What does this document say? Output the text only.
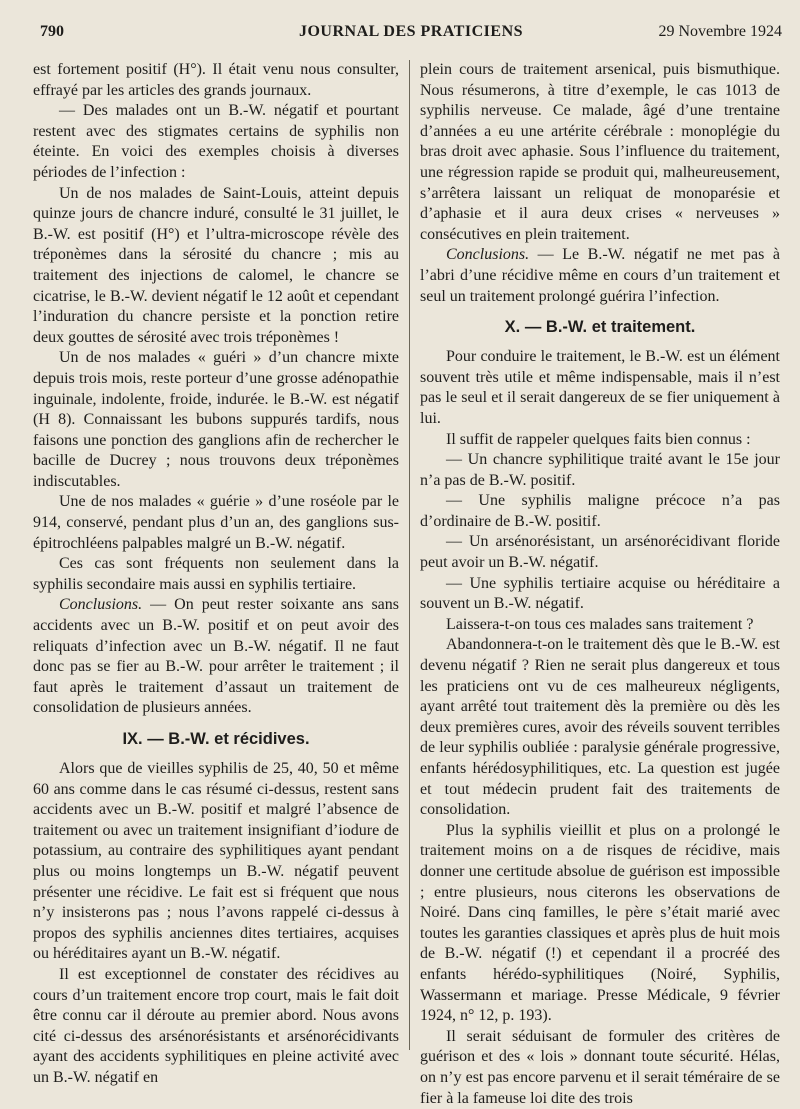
790	JOURNAL DES PRATICIENS	29 Novembre 1924

est fortement positif (H°). Il était venu nous consulter, effrayé par les articles des grands journaux.

— Des malades ont un B.-W. négatif et pourtant restent avec des stigmates certains de syphilis non éteinte. En voici des exemples choisis à diverses périodes de l’infection :

Un de nos malades de Saint-Louis, atteint depuis quinze jours de chancre induré, consulté le 31 juillet, le B.-W. est positif (H°) et l’ultra-microscope révèle des tréponèmes dans la sérosité du chancre ; mis au traitement des injections de calomel, le chancre se cicatrise, le B.-W. devient négatif le 12 août et cependant l’induration du chancre persiste et la ponction retire deux gouttes de sérosité avec trois tréponèmes !

Un de nos malades « guéri » d’un chancre mixte depuis trois mois, reste porteur d’une grosse adénopathie inguinale, indolente, froide, indurée. le B.-W. est négatif (H 8). Connaissant les bubons suppurés tardifs, nous faisons une ponction des ganglions afin de rechercher le bacille de Ducrey ; nous trouvons deux tréponèmes indiscutables.

Une de nos malades « guérie » d’une roséole par le 914, conservé, pendant plus d’un an, des ganglions sus-épitrochléens palpables malgré un B.-W. négatif.

Ces cas sont fréquents non seulement dans la syphilis secondaire mais aussi en syphilis tertiaire.

Conclusions. — On peut rester soixante ans sans accidents avec un B.-W. positif et on peut avoir des reliquats d’infection avec un B.-W. négatif. Il ne faut donc pas se fier au B.-W. pour arrêter le traitement ; il faut après le traitement d’assaut un traitement de consolidation de plusieurs années.

IX. — B.-W. et récidives.

Alors que de vieilles syphilis de 25, 40, 50 et même 60 ans comme dans le cas résumé ci-dessus, restent sans accidents avec un B.-W. positif et malgré l’absence de traitement ou avec un traitement insignifiant d’iodure de potassium, au contraire des syphilitiques ayant pendant plus ou moins longtemps un B.-W. négatif peuvent présenter une récidive. Le fait est si fréquent que nous n’y insisterons pas ; nous l’avons rappelé ci-dessus à propos des syphilis anciennes dites tertiaires, acquises ou héréditaires ayant un B.-W. négatif.

Il est exceptionnel de constater des récidives au cours d’un traitement encore trop court, mais le fait doit être connu car il déroute au premier abord. Nous avons cité ci-dessus des arsénorésistants et arsénorécidivants ayant des accidents syphilitiques en pleine activité avec un B.-W. négatif en

plein cours de traitement arsenical, puis bismuthique. Nous résumerons, à titre d’exemple, le cas 1013 de syphilis nerveuse. Ce malade, âgé d’une trentaine d’années a eu une artérite cérébrale : monoplégie du bras droit avec aphasie. Sous l’influence du traitement, une régression rapide se produit qui, malheureusement, s’arrêtera laissant un reliquat de monoparésie et d’aphasie et il aura deux crises « nerveuses » consécutives en plein traitement.

Conclusions. — Le B.-W. négatif ne met pas à l’abri d’une récidive même en cours d’un traitement et seul un traitement prolongé guérira l’infection.

X. — B.-W. et traitement.

Pour conduire le traitement, le B.-W. est un élément souvent très utile et même indispensable, mais il n’est pas le seul et il serait dangereux de se fier uniquement à lui.

Il suffit de rappeler quelques faits bien connus :

— Un chancre syphilitique traité avant le 15e jour n’a pas de B.-W. positif.

— Une syphilis maligne précoce n’a pas d’ordinaire de B.-W. positif.

— Un arsénorésistant, un arsénorécidivant floride peut avoir un B.-W. négatif.

— Une syphilis tertiaire acquise ou héréditaire a souvent un B.-W. négatif.

Laissera-t-on tous ces malades sans traitement ?

Abandonnera-t-on le traitement dès que le B.-W. est devenu négatif ? Rien ne serait plus dangereux et tous les praticiens ont vu de ces malheureux négligents, ayant arrêté tout traitement dès la première ou dès les deux premières cures, avoir des réveils souvent terribles de leur syphilis oubliée : paralysie générale progressive, enfants hérédosyphilitiques, etc. La question est jugée et tout médecin prudent fait des traitements de consolidation.

Plus la syphilis vieillit et plus on a prolongé le traitement moins on a de risques de récidive, mais donner une certitude absolue de guérison est impossible ; entre plusieurs, nous citerons les observations de Noiré. Dans cinq familles, le père s’était marié avec toutes les garanties classiques et après plus de huit mois de B.-W. négatif (!) et cependant il a procréé des enfants hérédo-syphilitiques (Noiré, Syphilis, Wassermann et mariage. Presse Médicale, 9 février 1924, n° 12, p. 193).

Il serait séduisant de formuler des critères de guérison et des « lois » donnant toute sécurité. Hélas, on n’y est pas encore parvenu et il serait téméraire de se fier à la fameuse loi dite des trois
